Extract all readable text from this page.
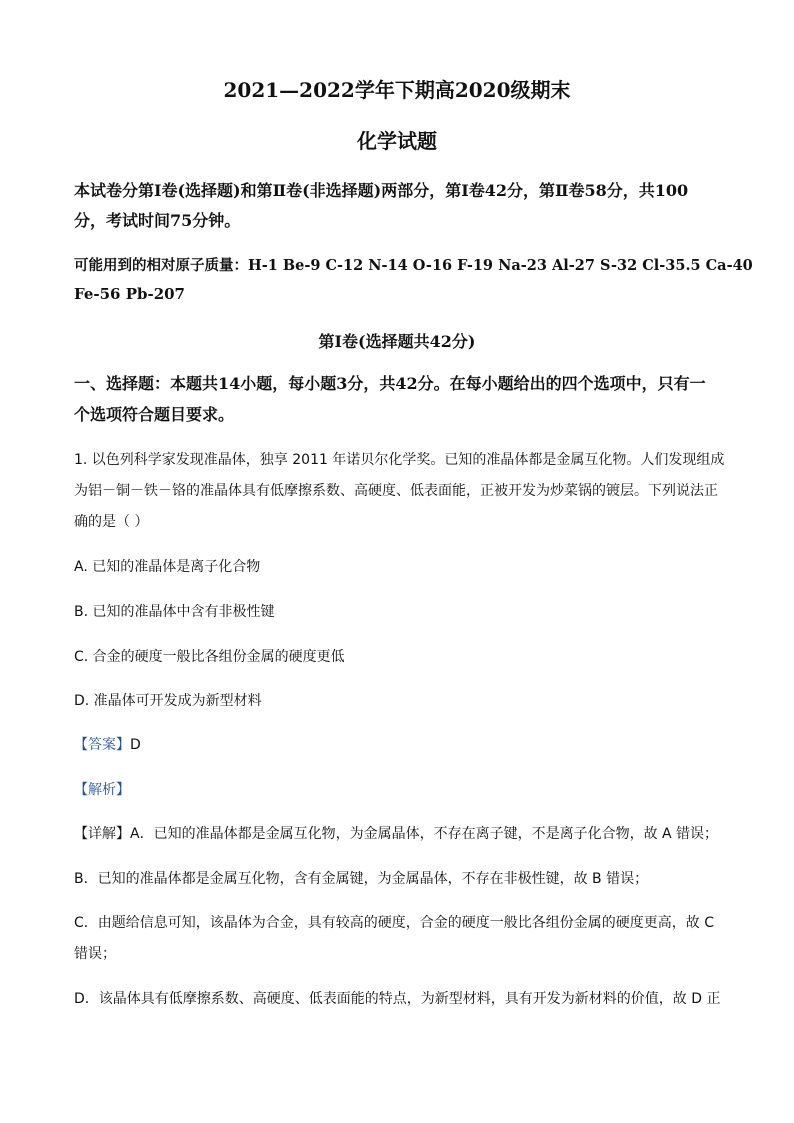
2021—2022学年下期高2020级期末
化学试题
本试卷分第Ⅰ卷(选择题)和第Ⅱ卷(非选择题)两部分，第Ⅰ卷42分，第Ⅱ卷58分，共100
分，考试时间75分钟。
可能用到的相对原子质量：H-1 Be-9 C-12 N-14 O-16 F-19 Na-23 Al-27 S-32 Cl-35.5 Ca-40
Fe-56 Pb-207
第Ⅰ卷(选择题共42分)
一、选择题：本题共14小题，每小题3分，共42分。在每小题给出的四个选项中，只有一
个选项符合题目要求。
1. 以色列科学家发现准晶体，独享 2011 年诺贝尔化学奖。已知的准晶体都是金属互化物。人们发现组成
为铝－铜－铁－铬的准晶体具有低摩擦系数、高硬度、低表面能，正被开发为炒菜锅的镀层。下列说法正
确的是（ ）
A. 已知的准晶体是离子化合物
B. 已知的准晶体中含有非极性键
C. 合金的硬度一般比各组份金属的硬度更低
D. 准晶体可开发成为新型材料
【答案】D
【解析】
【详解】A．已知的准晶体都是金属互化物，为金属晶体，不存在离子键，不是离子化合物，故 A 错误；
B．已知的准晶体都是金属互化物，含有金属键，为金属晶体，不存在非极性键，故 B 错误；
C．由题给信息可知，该晶体为合金，具有较高的硬度，合金的硬度一般比各组份金属的硬度更高，故 C
错误；
D．该晶体具有低摩擦系数、高硬度、低表面能的特点，为新型材料，具有开发为新材料的价值，故 D 正
